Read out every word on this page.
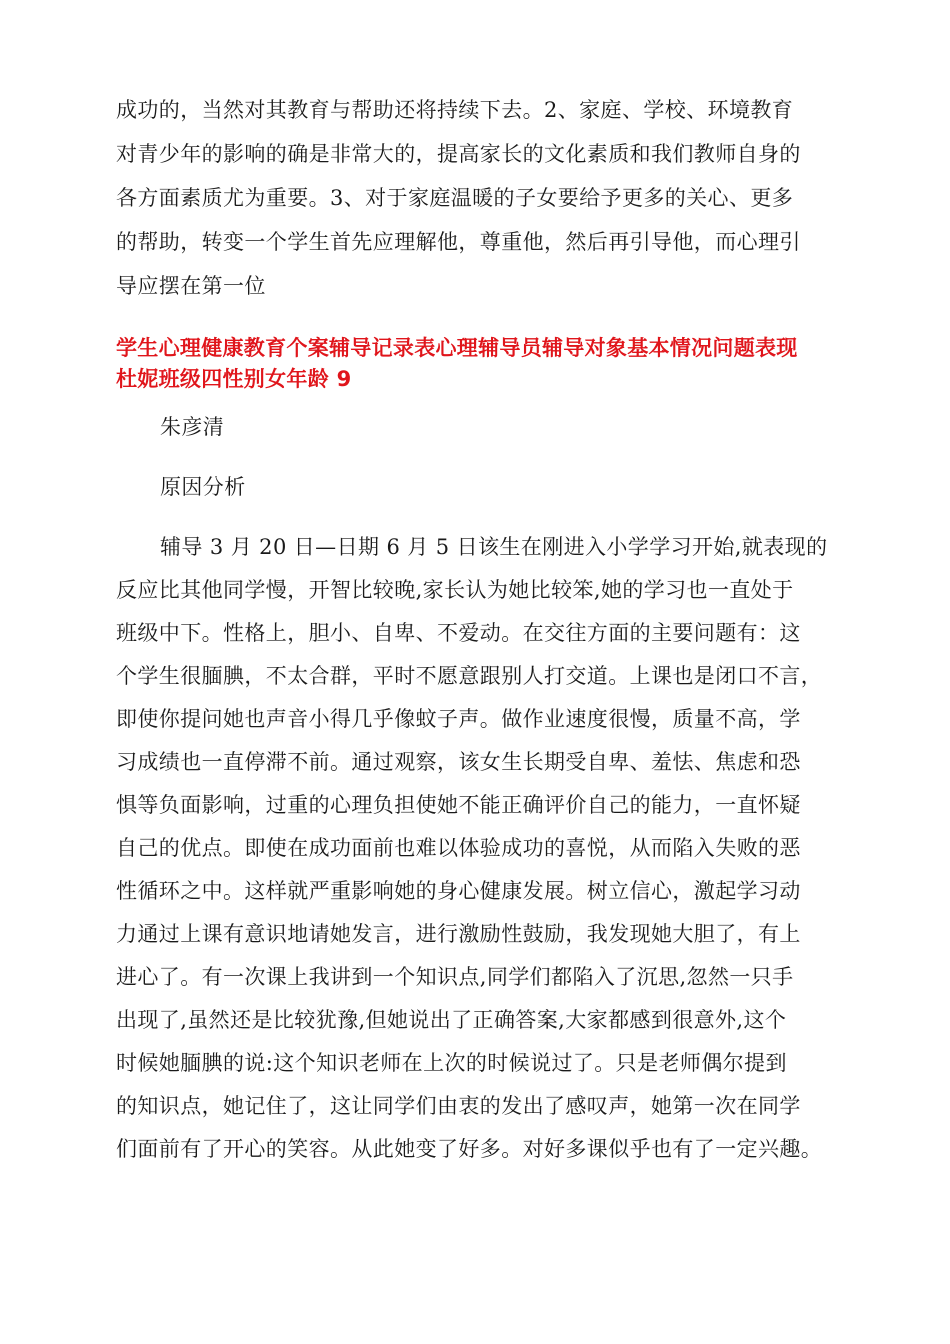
成功的，当然对其教育与帮助还将持续下去。2、家庭、学校、环境教育
对青少年的影响的确是非常大的，提高家长的文化素质和我们教师自身的
各方面素质尤为重要。3、对于家庭温暖的子女要给予更多的关心、更多
的帮助，转变一个学生首先应理解他，尊重他，然后再引导他，而心理引
导应摆在第一位
学生心理健康教育个案辅导记录表心理辅导员辅导对象基本情况问题表现
杜妮班级四性别女年龄 9
朱彦清
原因分析
辅导 3 月 20 日—日期 6 月 5 日该生在刚进入小学学习开始,就表现的
反应比其他同学慢，开智比较晚,家长认为她比较笨,她的学习也一直处于
班级中下。性格上，胆小、自卑、不爱动。在交往方面的主要问题有：这
个学生很腼腆，不太合群，平时不愿意跟别人打交道。上课也是闭口不言，
即使你提问她也声音小得几乎像蚊子声。做作业速度很慢，质量不高，学
习成绩也一直停滞不前。通过观察，该女生长期受自卑、羞怯、焦虑和恐
惧等负面影响，过重的心理负担使她不能正确评价自己的能力，一直怀疑
自己的优点。即使在成功面前也难以体验成功的喜悦，从而陷入失败的恶
性循环之中。这样就严重影响她的身心健康发展。树立信心，激起学习动
力通过上课有意识地请她发言，进行激励性鼓励，我发现她大胆了，有上
进心了。有一次课上我讲到一个知识点,同学们都陷入了沉思,忽然一只手
出现了,虽然还是比较犹豫,但她说出了正确答案,大家都感到很意外,这个
时候她腼腆的说:这个知识老师在上次的时候说过了。只是老师偶尔提到
的知识点，她记住了，这让同学们由衷的发出了感叹声，她第一次在同学
们面前有了开心的笑容。从此她变了好多。对好多课似乎也有了一定兴趣。
